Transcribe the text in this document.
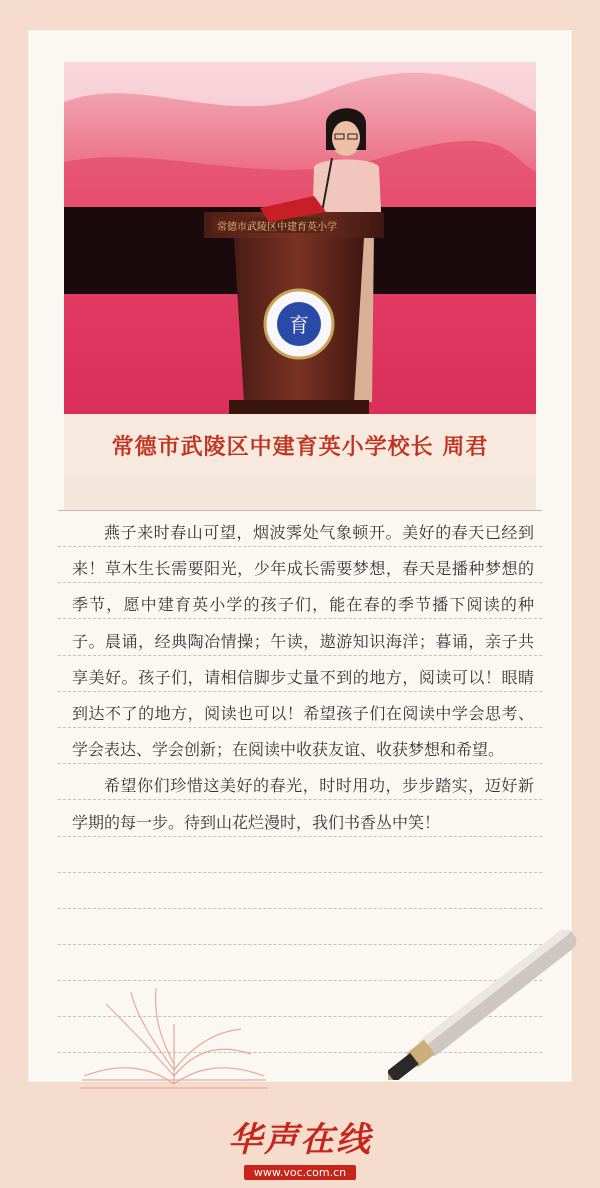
常德市武陵区中建育英小学
育
常德市武陵区中建育英小学校长 周君

燕子来时春山可望，烟波霁处气象顿开。美好的春天已经到来！草木生长需要阳光，少年成长需要梦想，春天是播种梦想的季节，愿中建育英小学的孩子们，能在春的季节播下阅读的种子。晨诵，经典陶冶情操；午读，遨游知识海洋；暮诵，亲子共享美好。孩子们，请相信脚步丈量不到的地方，阅读可以！眼睛到达不了的地方，阅读也可以！希望孩子们在阅读中学会思考、学会表达、学会创新；在阅读中收获友谊、收获梦想和希望。

希望你们珍惜这美好的春光，时时用功，步步踏实，迈好新学期的每一步。待到山花烂漫时，我们书香丛中笑！

华声在线
www.voc.com.cn
